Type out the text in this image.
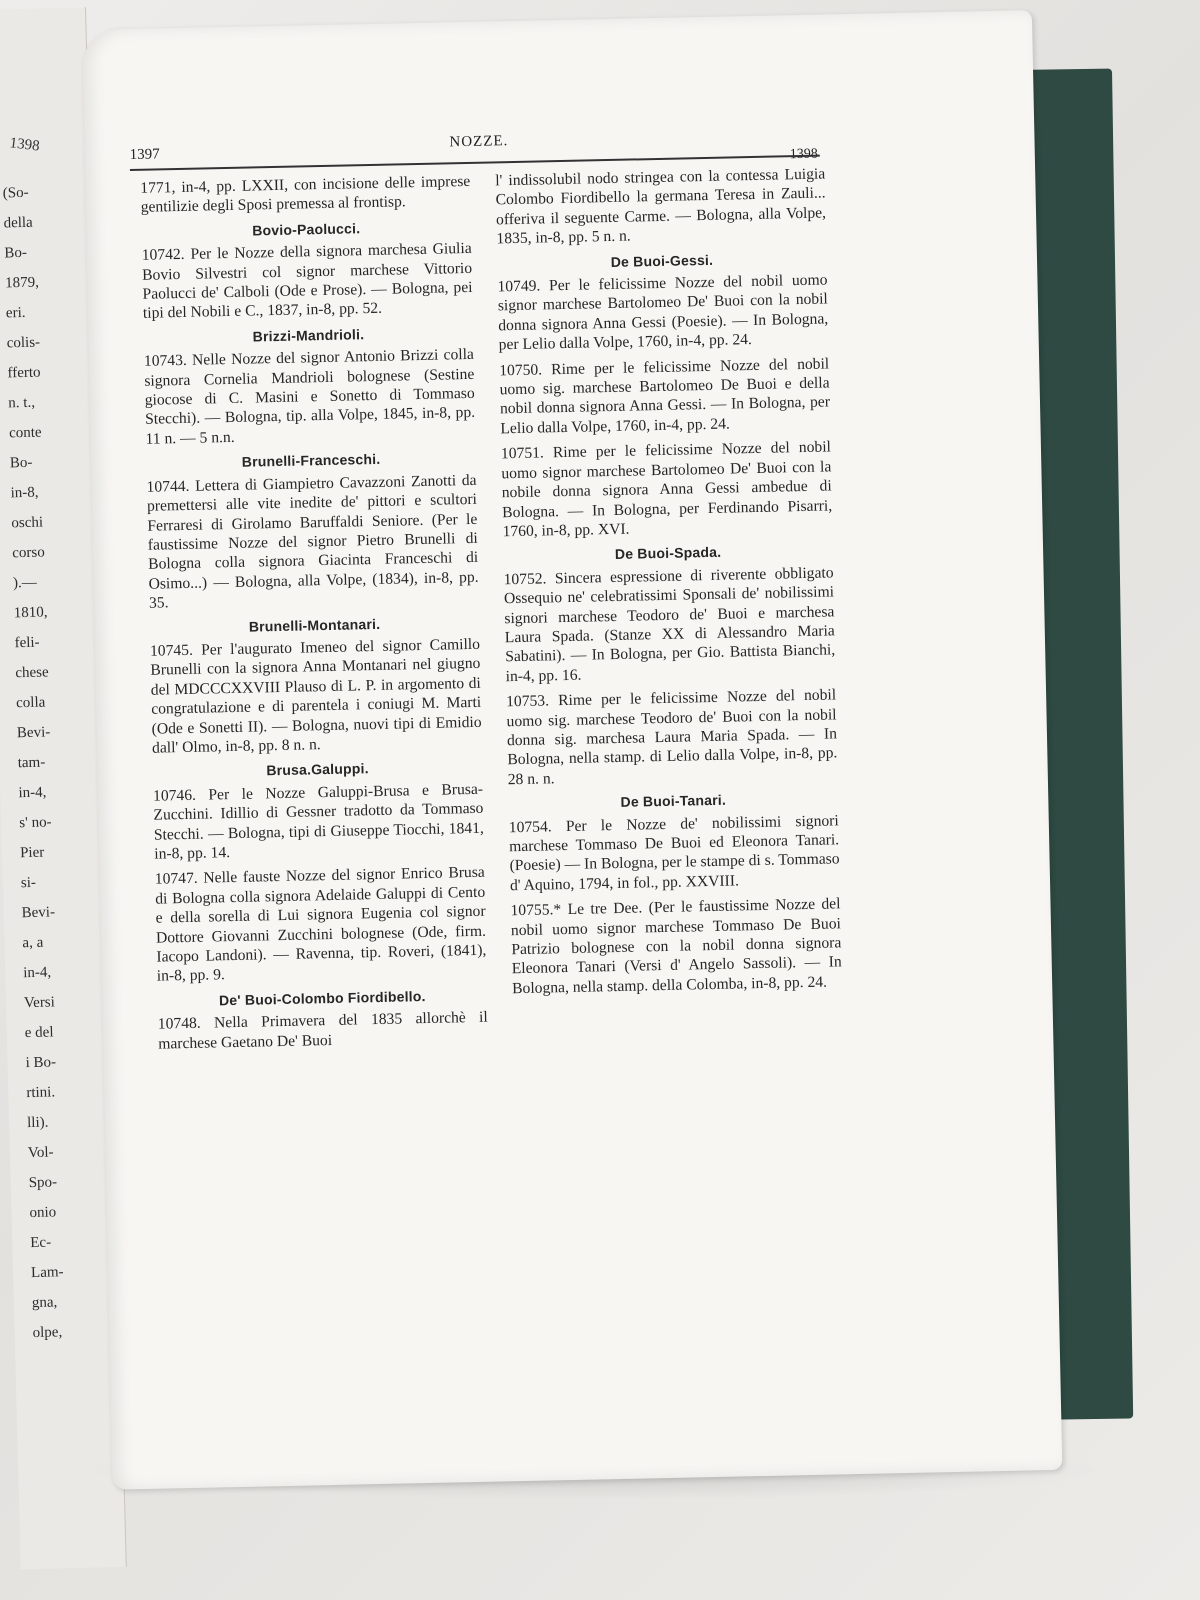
1398
(So-
della
Bo-
1879,
eri.
colis-
fferto
n. t.,
conte
Bo-
in-8,
oschi
corso
).—
1810,
feli-
chese
colla
Bevi-
tam-
in-4,
s' no-
Pier
si-
Bevi-
a, a
in-4,
Versi
e del
i Bo-
rtini.
lli).
Vol-
Spo-
onio
Ec-
Lam-
gna,
olpe,
1397
NOZZE.

1771, in-4, pp. LXXII, con incisione delle imprese gentilizie degli Sposi premessa al frontisp.

Bovio-Paolucci.

10742. Per le Nozze della signora marchesa Giulia Bovio Silvestri col signor marchese Vittorio Paolucci de' Calboli (Ode e Prose). — Bologna, pei tipi del Nobili e C., 1837, in-8, pp. 52.

Brizzi-Mandrioli.

10743. Nelle Nozze del signor Antonio Brizzi colla signora Cornelia Mandrioli bolognese (Sestine giocose di C. Masini e Sonetto di Tommaso Stecchi). — Bologna, tip. alla Volpe, 1845, in-8, pp. 11 n. — 5 n.n.

Brunelli-Franceschi.

10744. Lettera di Giampietro Cavazzoni Zanotti da premettersi alle vite inedite de' pittori e scultori Ferraresi di Girolamo Baruffaldi Seniore. (Per le faustissime Nozze del signor Pietro Brunelli di Bologna colla signora Giacinta Franceschi di Osimo...) — Bologna, alla Volpe, (1834), in-8, pp. 35.

Brunelli-Montanari.

10745. Per l'augurato Imeneo del signor Camillo Brunelli con la signora Anna Montanari nel giugno del MDCCCXXVIII Plauso di L. P. in argomento di congratulazione e di parentela i coniugi M. Marti (Ode e Sonetti II). — Bologna, nuovi tipi di Emidio dall' Olmo, in-8, pp. 8 n. n.

Brusa.Galuppi.

10746. Per le Nozze Galuppi-Brusa e Brusa-Zucchini. Idillio di Gessner tradotto da Tommaso Stecchi. — Bologna, tipi di Giuseppe Tiocchi, 1841, in-8, pp. 14.

10747. Nelle fauste Nozze del signor Enrico Brusa di Bologna colla signora Adelaide Galuppi di Cento e della sorella di Lui signora Eugenia col signor Dottore Giovanni Zucchini bolognese (Ode, firm. Iacopo Landoni). — Ravenna, tip. Roveri, (1841), in-8, pp. 9.

De' Buoi-Colombo Fiordibello.

10748. Nella Primavera del 1835 allorchè il marchese Gaetano De' Buoi

l' indissolubil nodo stringea con la contessa Luigia Colombo Fiordibello la germana Teresa in Zauli... offeriva il seguente Carme. — Bologna, alla Volpe, 1835, in-8, pp. 5 n. n.

De Buoi-Gessi.

10749. Per le felicissime Nozze del nobil uomo signor marchese Bartolomeo De' Buoi con la nobil donna signora Anna Gessi (Poesie). — In Bologna, per Lelio dalla Volpe, 1760, in-4, pp. 24.

10750. Rime per le felicissime Nozze del nobil uomo sig. marchese Bartolomeo De Buoi e della nobil donna signora Anna Gessi. — In Bologna, per Lelio dalla Volpe, 1760, in-4, pp. 24.

10751. Rime per le felicissime Nozze del nobil uomo signor marchese Bartolomeo De' Buoi con la nobile donna signora Anna Gessi ambedue di Bologna. — In Bologna, per Ferdinando Pisarri, 1760, in-8, pp. XVI.

De Buoi-Spada.

10752. Sincera espressione di riverente obbligato Ossequio ne' celebratissimi Sponsali de' nobilissimi signori marchese Teodoro de' Buoi e marchesa Laura Spada. (Stanze XX di Alessandro Maria Sabatini). — In Bologna, per Gio. Battista Bianchi, in-4, pp. 16.

10753. Rime per le felicissime Nozze del nobil uomo sig. marchese Teodoro de' Buoi con la nobil donna sig. marchesa Laura Maria Spada. — In Bologna, nella stamp. di Lelio dalla Volpe, in-8, pp. 28 n. n.

De Buoi-Tanari.

10754. Per le Nozze de' nobilissimi signori marchese Tommaso De Buoi ed Eleonora Tanari. (Poesie) — In Bologna, per le stampe di s. Tommaso d' Aquino, 1794, in fol., pp. XXVIII.

10755.* Le tre Dee. (Per le faustissime Nozze del nobil uomo signor marchese Tommaso De Buoi Patrizio bolognese con la nobil donna signora Eleonora Tanari (Versi d' Angelo Sassoli). — In Bologna, nella stamp. della Colomba, in-8, pp. 24.
